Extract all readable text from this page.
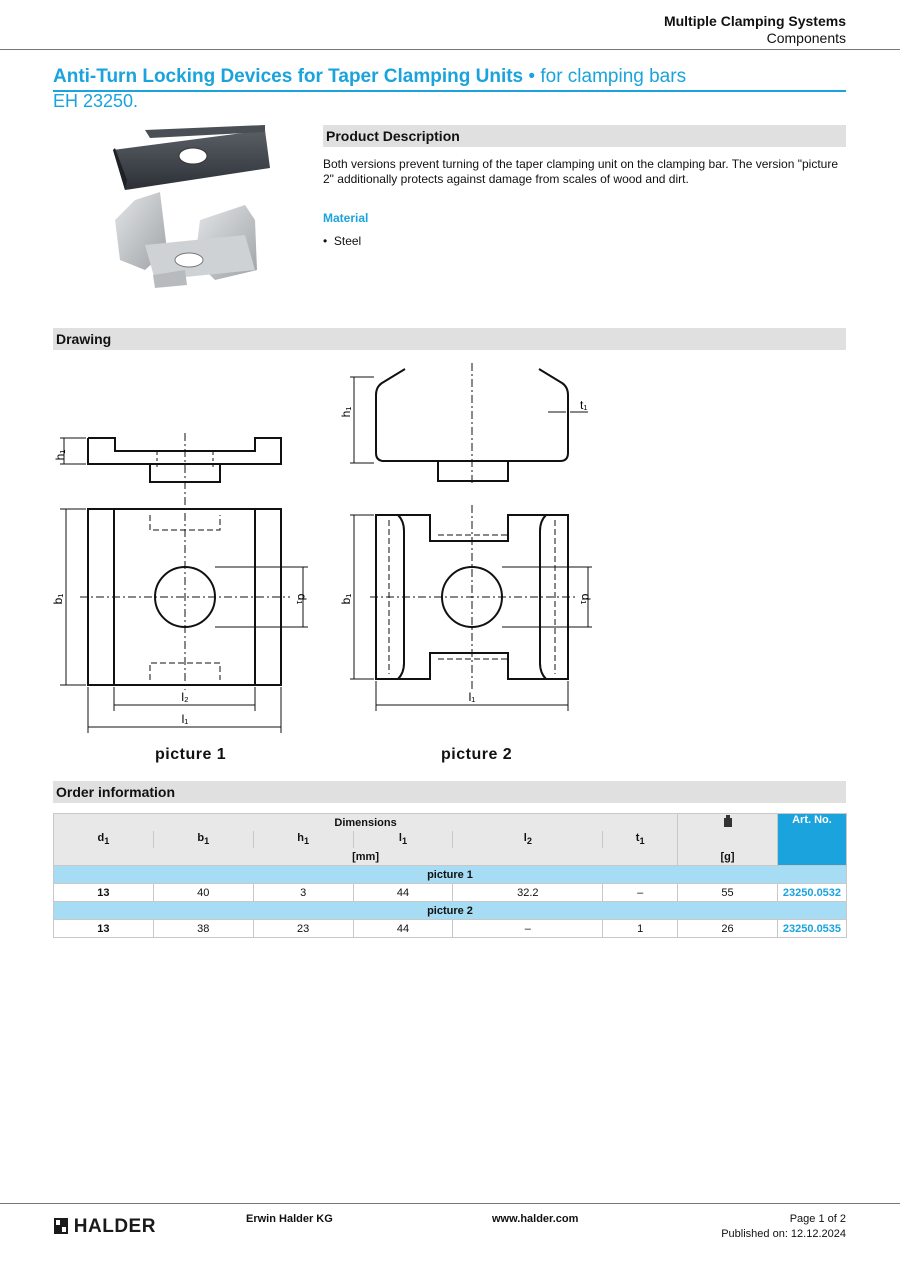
Multiple Clamping Systems
Components
Anti-Turn Locking Devices for Taper Clamping Units • for clamping bars
EH 23250.
Product Description
Both versions prevent turning of the taper clamping unit on the clamping bar. The version "picture 2" additionally protects against damage from scales of wood and dirt.
Material
•  Steel
Drawing
h₁
b₁	d₁
l₂
l₁
h₁	t₁
b₁	d₁
l₁
picture 1	picture 2
Order information
Dimensions							Art. No.
$d_1$	$b_1$	$h_1$	$l_1$	$l_2$	$t_1$	
[mm]						[g]	
picture 1							
13	40	3	44	32.2	–	55	23250.0532
picture 2							
13	38	23	44	–	1	26	23250.0535
HALDER	Erwin Halder KG	www.halder.com	Page 1 of 2
Published on: 12.12.2024
